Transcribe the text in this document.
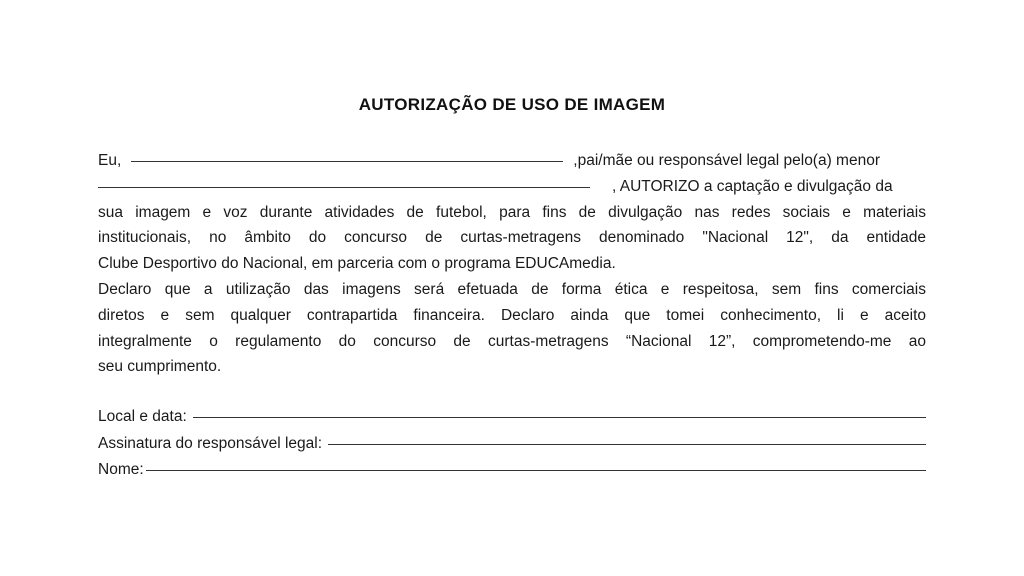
AUTORIZAÇÃO DE USO DE IMAGEM
Eu,	,pai/mãe ou responsável legal pelo(a) menor
, AUTORIZO a captação e divulgação da
sua imagem e voz durante atividades de futebol, para fins de divulgação nas redes sociais e materiais
institucionais, no âmbito do concurso de curtas-metragens denominado "Nacional 12", da entidade
Clube Desportivo do Nacional, em parceria com o programa EDUCAmedia.
Declaro que a utilização das imagens será efetuada de forma ética e respeitosa, sem fins comerciais
diretos e sem qualquer contrapartida financeira. Declaro ainda que tomei conhecimento, li e aceito
integralmente o regulamento do concurso de curtas-metragens “Nacional 12”, comprometendo-me ao
seu cumprimento.
Local e data:
Assinatura do responsável legal:
Nome:
